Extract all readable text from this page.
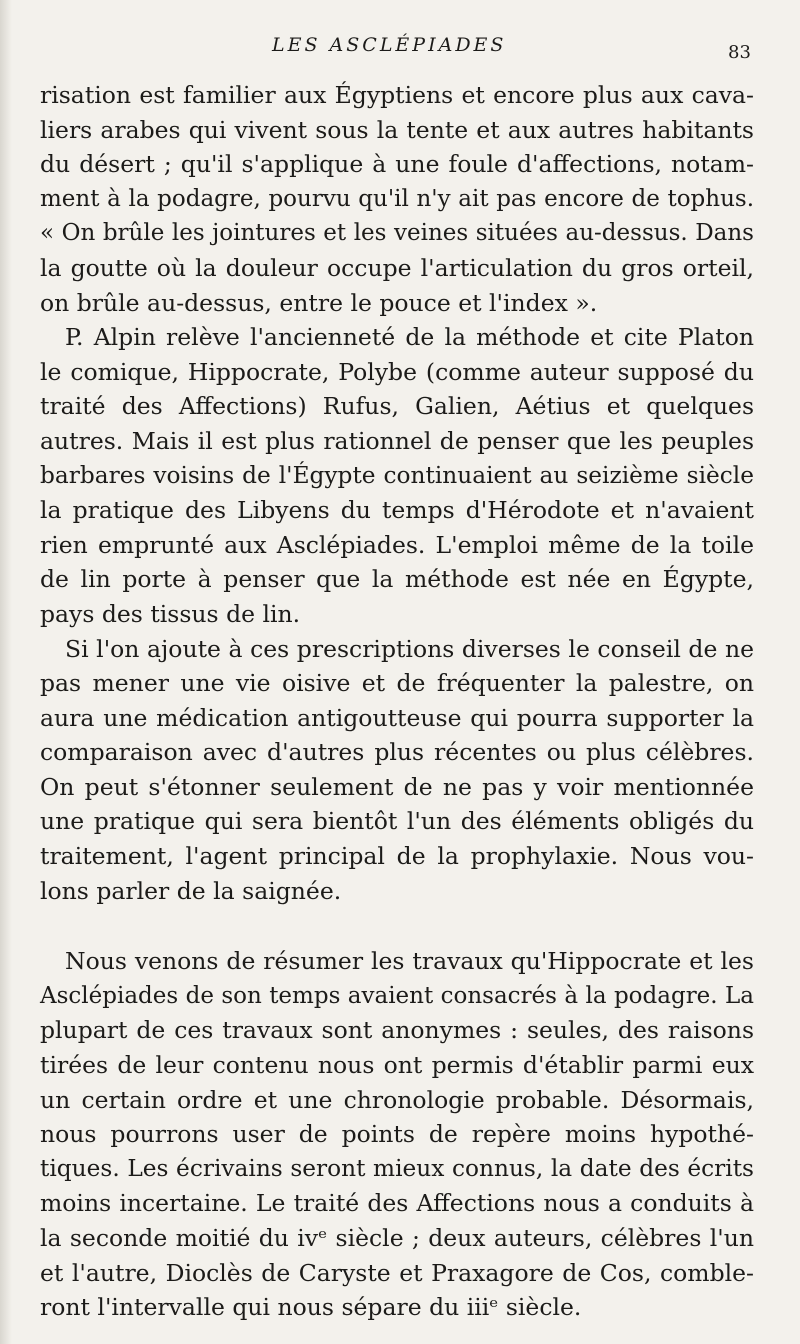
LES ASCLÉPIADES	83
risation est familier aux Égyptiens et encore plus aux cava-
liers arabes qui vivent sous la tente et aux autres habitants
du désert ; qu'il s'applique à une foule d'affections, notam-
ment à la podagre, pourvu qu'il n'y ait pas encore de tophus.
« On brûle les jointures et les veines situées au-dessus. Dans
la goutte où la douleur occupe l'articulation du gros orteil,
on brûle au-dessus, entre le pouce et l'index ».
P. Alpin relève l'ancienneté de la méthode et cite Platon
le comique, Hippocrate, Polybe (comme auteur supposé du
traité des Affections) Rufus, Galien, Aétius et quelques
autres. Mais il est plus rationnel de penser que les peuples
barbares voisins de l'Égypte continuaient au seizième siècle
la pratique des Libyens du temps d'Hérodote et n'avaient
rien emprunté aux Asclépiades. L'emploi même de la toile
de lin porte à penser que la méthode est née en Égypte,
pays des tissus de lin.
Si l'on ajoute à ces prescriptions diverses le conseil de ne
pas mener une vie oisive et de fréquenter la palestre, on
aura une médication antigoutteuse qui pourra supporter la
comparaison avec d'autres plus récentes ou plus célèbres.
On peut s'étonner seulement de ne pas y voir mentionnée
une pratique qui sera bientôt l'un des éléments obligés du
traitement, l'agent principal de la prophylaxie. Nous vou-
lons parler de la saignée.
Nous venons de résumer les travaux qu'Hippocrate et les
Asclépiades de son temps avaient consacrés à la podagre. La
plupart de ces travaux sont anonymes : seules, des raisons
tirées de leur contenu nous ont permis d'établir parmi eux
un certain ordre et une chronologie probable. Désormais,
nous pourrons user de points de repère moins hypothé-
tiques. Les écrivains seront mieux connus, la date des écrits
moins incertaine. Le traité des Affections nous a conduits à
la seconde moitié du ivᵉ siècle ; deux auteurs, célèbres l'un
et l'autre, Dioclès de Caryste et Praxagore de Cos, comble-
ront l'intervalle qui nous sépare du iiiᵉ siècle.
